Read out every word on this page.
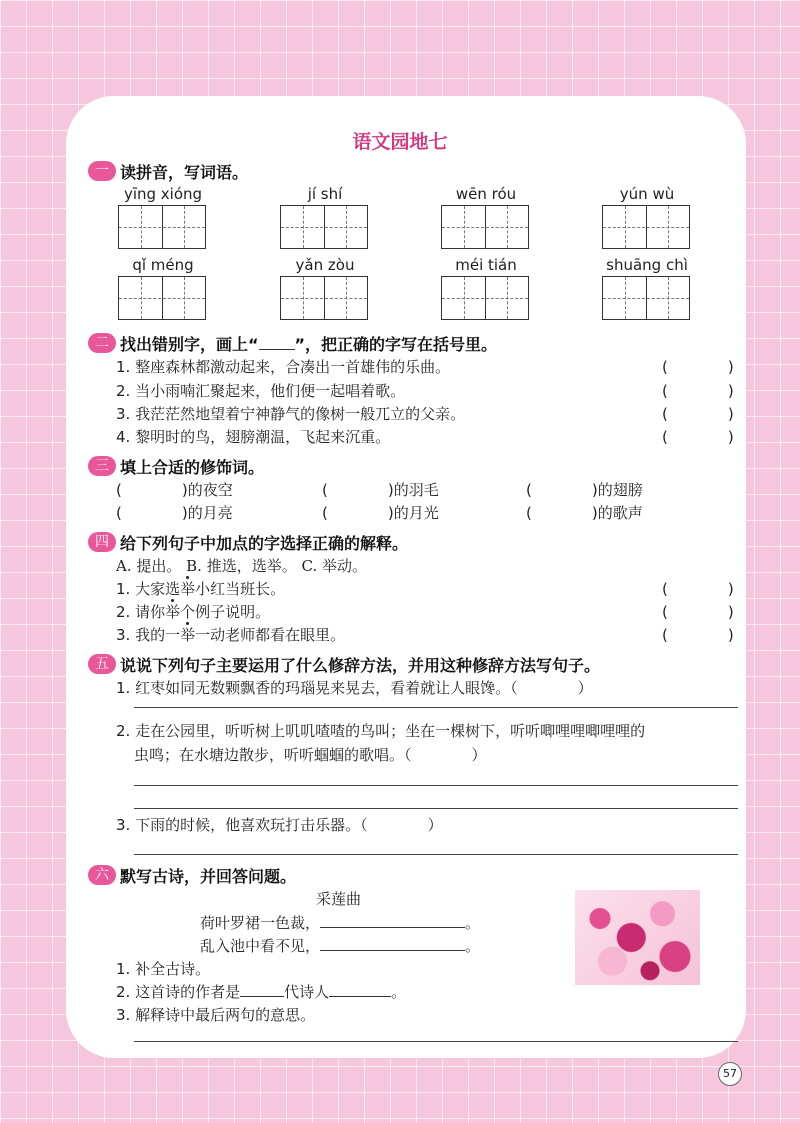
语文园地七
一 读拼音，写词语。
yīng xióng	jí shí	wēn róu	yún wù
qǐ méng	yǎn zòu	méi tián	shuāng chì
二 找出错别字，画上“ ”，把正确的字写在括号里。
1. 整座森林都激动起来，合凑出一首雄伟的乐曲。	(　　　　)
2. 当小雨喃汇聚起来，他们便一起唱着歌。	(　　　　)
3. 我茫茫然地望着宁神静气的像树一般兀立的父亲。	(　　　　)
4. 黎明时的鸟，翅膀潮温，飞起来沉重。	(　　　　)
三 填上合适的修饰词。
(　　　　)的夜空	(　　　　)的羽毛	(　　　　)的翅膀
(　　　　)的月亮	(　　　　)的月光	(　　　　)的歌声
四 给下列句子中加点的字选择正确的解释。
A. 提出。 B. 推选，选举。 C. 举动。
1. 大家选举小红当班长。	(　　　　)
2. 请你举个例子说明。	(　　　　)
3. 我的一举一动老师都看在眼里。	(　　　　)
五 说说下列句子主要运用了什么修辞方法，并用这种修辞方法写句子。
1. 红枣如同无数颗飘香的玛瑙晃来晃去，看着就让人眼馋。（　　　　）
2. 走在公园里，听听树上叽叽喳喳的鸟叫；坐在一棵树下，听听唧哩哩唧哩哩的
虫鸣；在水塘边散步，听听蝈蝈的歌唱。（　　　　）
3. 下雨的时候，他喜欢玩打击乐器。（　　　　）
六 默写古诗，并回答问题。
采莲曲
荷叶罗裙一色裁，	。
乱入池中看不见，	。
1. 补全古诗。
2. 这首诗的作者是	代诗人	。
3. 解释诗中最后两句的意思。
57
